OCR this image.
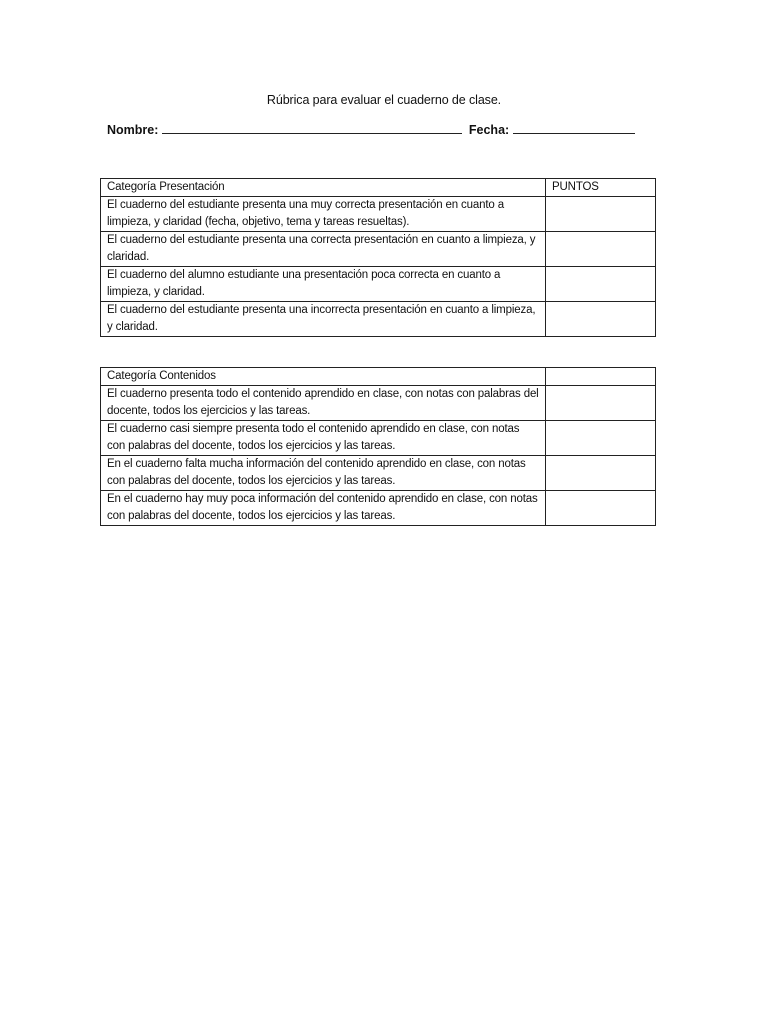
Rúbrica para evaluar el cuaderno de clase.
Nombre:	Fecha:
Categoría Presentación	PUNTOS
El cuaderno del estudiante presenta una muy correcta presentación en cuanto a limpieza, y claridad (fecha, objetivo, tema y tareas resueltas).	
El cuaderno del estudiante presenta una correcta presentación en cuanto a limpieza, y claridad.	
El cuaderno del alumno estudiante una presentación poca correcta en cuanto a limpieza, y claridad.	
El cuaderno del estudiante presenta una incorrecta presentación en cuanto a limpieza, y claridad.	
Categoría Contenidos	
El cuaderno presenta todo el contenido aprendido en clase, con notas con palabras del docente, todos los ejercicios y las tareas.	
El cuaderno casi siempre presenta todo el contenido aprendido en clase, con notas con palabras del docente, todos los ejercicios y las tareas.	
En el cuaderno falta mucha información del contenido aprendido en clase, con notas con palabras del docente, todos los ejercicios y las tareas.	
En el cuaderno hay muy poca información del contenido aprendido en clase, con notas con palabras del docente, todos los ejercicios y las tareas.	
